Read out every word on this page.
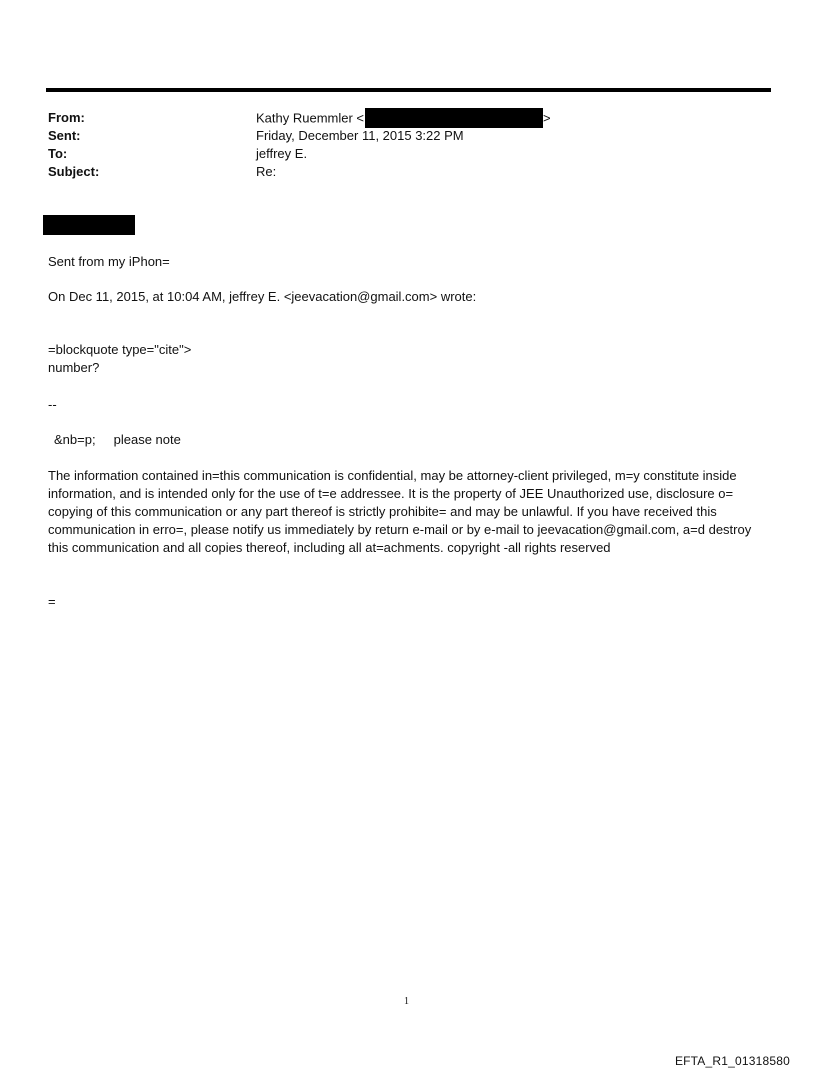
From:	Kathy Ruemmler <	>
Sent:	Friday, December 11, 2015 3:22 PM
To:	jeffrey E.
Subject:	Re:
Sent from my iPhon=
On Dec 11, 2015, at 10:04 AM, jeffrey E. <jeevacation@gmail.com> wrote:
=blockquote type="cite">
number?
--
&nb=p;     please note
The information contained in=this communication is confidential, may be attorney-client privileged, m=y constitute inside information, and is intended only for the use of t=e addressee. It is the property of JEE Unauthorized use, disclosure o= copying of this communication or any part thereof is strictly prohibite= and may be unlawful. If you have received this communication in erro=, please notify us immediately by return e-mail or by e-mail to jeevacation@gmail.com, a=d destroy this communication and all copies thereof, including all at=achments. copyright -all rights reserved
=
1
EFTA_R1_01318580
